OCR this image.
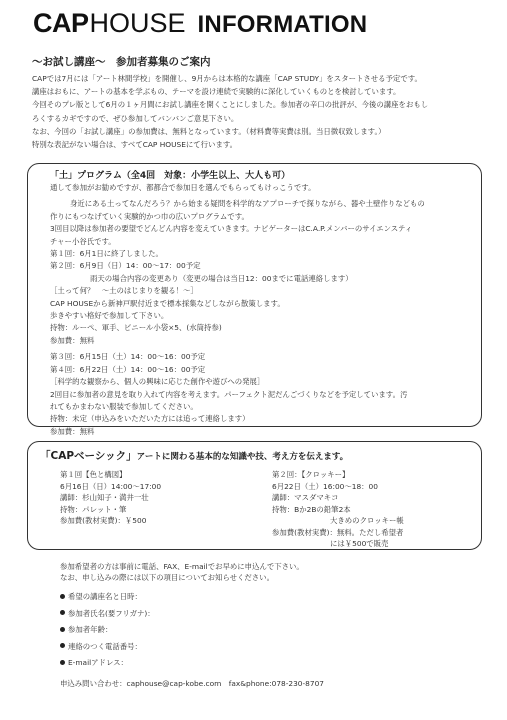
CAPHOUSE INFORMATION
〜お試し講座〜　参加者募集のご案内

CAPでは7月には「アート林間学校」を開催し、9月からは本格的な講座「CAP STUDY」をスタートさせる予定です。

講座はおもに、アートの基本を学ぶもの、テーマを設け連続で実験的に深化していくものとを検討しています。

今回そのプレ版として6月の１ヶ月間にお試し講座を開くことにしました。参加者の辛口の批評が、今後の講座をおもし

ろくするカギですので、ぜひ参加してバンバンご意見下さい。

なお、今回の「お試し講座」の参加費は、無料となっています。（材料費等実費は別。当日徴収致します。）

特別な表記がない場合は、すべてCAP HOUSEにて行います。

「土」プログラム（全4回　対象：小学生以上、大人も可）
通して参加がお勧めですが、都都合で参加日を選んでもらってもけっこうです。
身近にある土ってなんだろう？から始まる疑問を科学的なアプローチで探りながら、器や土壁作りなどもの
作りにもつなげていく実験的かつ巾の広いプログラムです。
3回目以降は参加者の要望でどんどん内容を変えていきます。ナビゲーターはC.A.P.メンバーのサイエンスティ
チャー小谷氏です。
第１回：6月1日に終了しました。
第２回：6月9日（日）14：00〜17：00予定
雨天の場合内容の変更あり（変更の場合は当日12：00までに電話連絡します）
［土って何？　〜土のはじまりを観る！〜］
CAP HOUSEから新神戸駅付近まで標本採集などしながら散策します。
歩きやすい格好で参加して下さい。
持物：ルーペ、軍手、ビニール小袋×5、(水筒持参)
参加費：無料
第３回：6月15日（土）14：00〜16：00予定
第４回：6月22日（土）14：00〜16：00予定
［科学的な観察から、個人の興味に応じた創作や遊びへの発展］
2回目に参加者の意見を取り入れて内容を考えます。パーフェクト泥だんごづくりなどを予定しています。汚
れてもかまわない服装で参加してください。
持物：未定（申込みをいただいた方には追って連絡します）
参加費：無料
「CAPベーシック」アートに関わる基本的な知識や技、考え方を伝えます。
第１回【色と構図】
6月16日（日）14:00〜17:00
講師：杉山知子・満井一壮
持物：パレット・筆
参加費(教材実費)：￥500
第２回：【クロッキー】
6月22日（土）16:00〜18：00
講師：マスダマキコ
持物：Bか2Bの鉛筆2本
大きめのクロッキー帳
参加費(教材実費)：無料。ただし希望者
には￥500で販売
参加希望者の方は事前に電話、FAX、E-mailでお早めに申込んで下さい。
なお、申し込みの際には以下の項目についてお知らせください。
希望の講座名と日時：
参加者氏名(要フリガナ)：
参加者年齢：
連絡のつく電話番号：
E-mailアドレス：
申込み問い合わせ：caphouse@cap-kobe.com　fax&phone:078-230-8707
